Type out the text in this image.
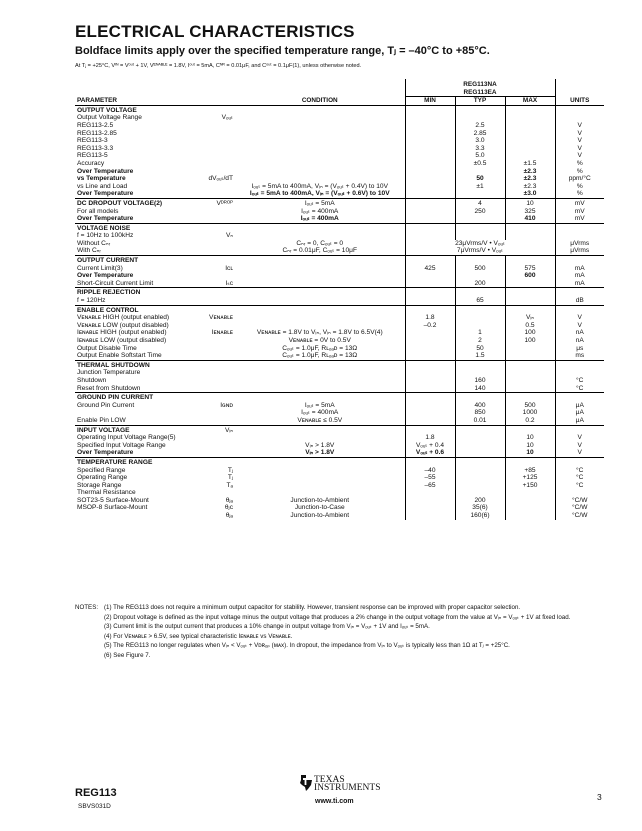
ELECTRICAL CHARACTERISTICS
Boldface limits apply over the specified temperature range, Tⱼ = –40°C to +85°C.
At Tⱼ = +25°C, Vᴵᴺ = Vᵒᵘᵗ + 1V, Vᴱᴺᴬᴮᴸᴱ = 1.8V, Iᵒᵘᵗ = 5mA, Cᴺᴿ = 0.01μF, and Cᵒᵘᵗ = 0.1μF(1), unless otherwise noted.

			REG113NA
REG113EA			

PARAMETER		CONDITION	MIN	TYP	MAX	UNITS
OUTPUT VOLTAGE						
Output Voltage Range	Vₒᵤₜ					
REG113-2.5				2.5		V
REG113-2.85				2.85		V
REG113-3				3.0		V
REG113-3.3				3.3		V
REG113-5				5.0		V
Accuracy				±0.5	±1.5	%
Over Temperature					±2.3	%
vs Temperature	dVₒᵤₜ/dT			50	±2.3	ppm/°C
vs Line and Load		Iₒᵤₜ = 5mA to 400mA, Vᵢₙ = (Vₒᵤₜ + 0.4V) to 10V		±1	±2.3	%
Over Temperature		Iₒᵤₜ = 5mA to 400mA, Vᵢₙ = (Vₒᵤₜ + 0.6V) to 10V			±3.0	%
DC DROPOUT VOLTAGE(2)	Vᴰᴿᴼᴾ	Iₒᵤₜ = 5mA		4	10	mV
For all models		Iₒᵤₜ = 400mA		250	325	mV
Over Temperature		Iₒᵤₜ = 400mA			410	mV
VOLTAGE NOISE						
f = 10Hz to 100kHz	Vₙ					
Without Cₙᵣ		Cₙᵣ = 0, Cₒᵤₜ = 0	23μVrms/V • Vₒᵤₜ			μVrms
With Cₙᵣ		Cₙᵣ = 0.01μF, Cₒᵤₜ = 10μF	7μVrms/V • Vₒᵤₜ			μVrms
OUTPUT CURRENT						
Current Limit(3)	Iᴄʟ		425	500	575	mA
Over Temperature					600	mA
Short-Circuit Current Limit	Iₛᴄ			200		mA
RIPPLE REJECTION						
f = 120Hz				65		dB
ENABLE CONTROL						
Vᴇɴᴀʙʟᴇ HIGH (output enabled)	Vᴇɴᴀʙʟᴇ		1.8		Vᵢₙ	V
Vᴇɴᴀʙʟᴇ LOW (output disabled)			–0.2		0.5	V
Iᴇɴᴀʙʟᴇ HIGH (output enabled)	Iᴇɴᴀʙʟᴇ	Vᴇɴᴀʙʟᴇ = 1.8V to Vᵢₙ, Vᵢₙ = 1.8V to 6.5V(4)		1	100	nA
Iᴇɴᴀʙʟᴇ LOW (output disabled)		Vᴇɴᴀʙʟᴇ = 0V to 0.5V		2	100	nA
Output Disable Time		Cₒᵤₜ = 1.0μF, Rʟₒₐᴅ = 13Ω		50		μs
Output Enable Softstart Time		Cₒᵤₜ = 1.0μF, Rʟₒₐᴅ = 13Ω		1.5		ms
THERMAL SHUTDOWN						
Junction Temperature						
Shutdown				160		°C
Reset from Shutdown				140		°C
GROUND PIN CURRENT						
Ground Pin Current	Iɢɴᴅ	Iₒᵤₜ = 5mA		400	500	μA
		Iₒᵤₜ = 400mA		850	1000	μA
Enable Pin LOW		Vᴇɴᴀʙʟᴇ ≤ 0.5V		0.01	0.2	μA
INPUT VOLTAGE	Vᵢₙ					
Operating Input Voltage Range(5)			1.8		10	V
Specified Input Voltage Range		Vᵢₙ > 1.8V	Vₒᵤₜ + 0.4		10	V
Over Temperature		Vᵢₙ > 1.8V	Vₒᵤₜ + 0.6		10	V
TEMPERATURE RANGE						
Specified Range	Tⱼ		–40		+85	°C
Operating Range	Tⱼ		–55		+125	°C
Storage Range	Tₐ		–65		+150	°C
Thermal Resistance						
SOT23-5 Surface-Mount	θⱼₐ	Junction-to-Ambient		200		°C/W
MSOP-8 Surface-Mount	θⱼᴄ	Junction-to-Case		35(6)		°C/W
	θⱼₐ	Junction-to-Ambient		160(6)		°C/W
NOTES: (1) The REG113 does not require a minimum output capacitor for stability. However, transient response can be improved with proper capacitor selection.
(2) Dropout voltage is defined as the input voltage minus the output voltage that produces a 2% change in the output voltage from the value at Vᵢₙ = Vₒᵤₜ + 1V at fixed load.
(3) Current limit is the output current that produces a 10% change in output voltage from Vᵢₙ = Vₒᵤₜ + 1V and Iₒᵤₜ = 5mA.
(4) For Vᴇɴᴀʙʟᴇ > 6.5V, see typical characteristic Iᴇɴᴀʙʟᴇ vs Vᴇɴᴀʙʟᴇ.
(5) The REG113 no longer regulates when Vᵢₙ < Vₒᵤₜ + Vᴅʀₒₚ (ᴍᴀx). In dropout, the impedance from Vᵢₙ to Vₒᵤₜ is typically less than 1Ω at Tⱼ = +25°C.
(6) See Figure 7.
REG113
SBVS031D
TEXAS
INSTRUMENTS
www.ti.com	3
